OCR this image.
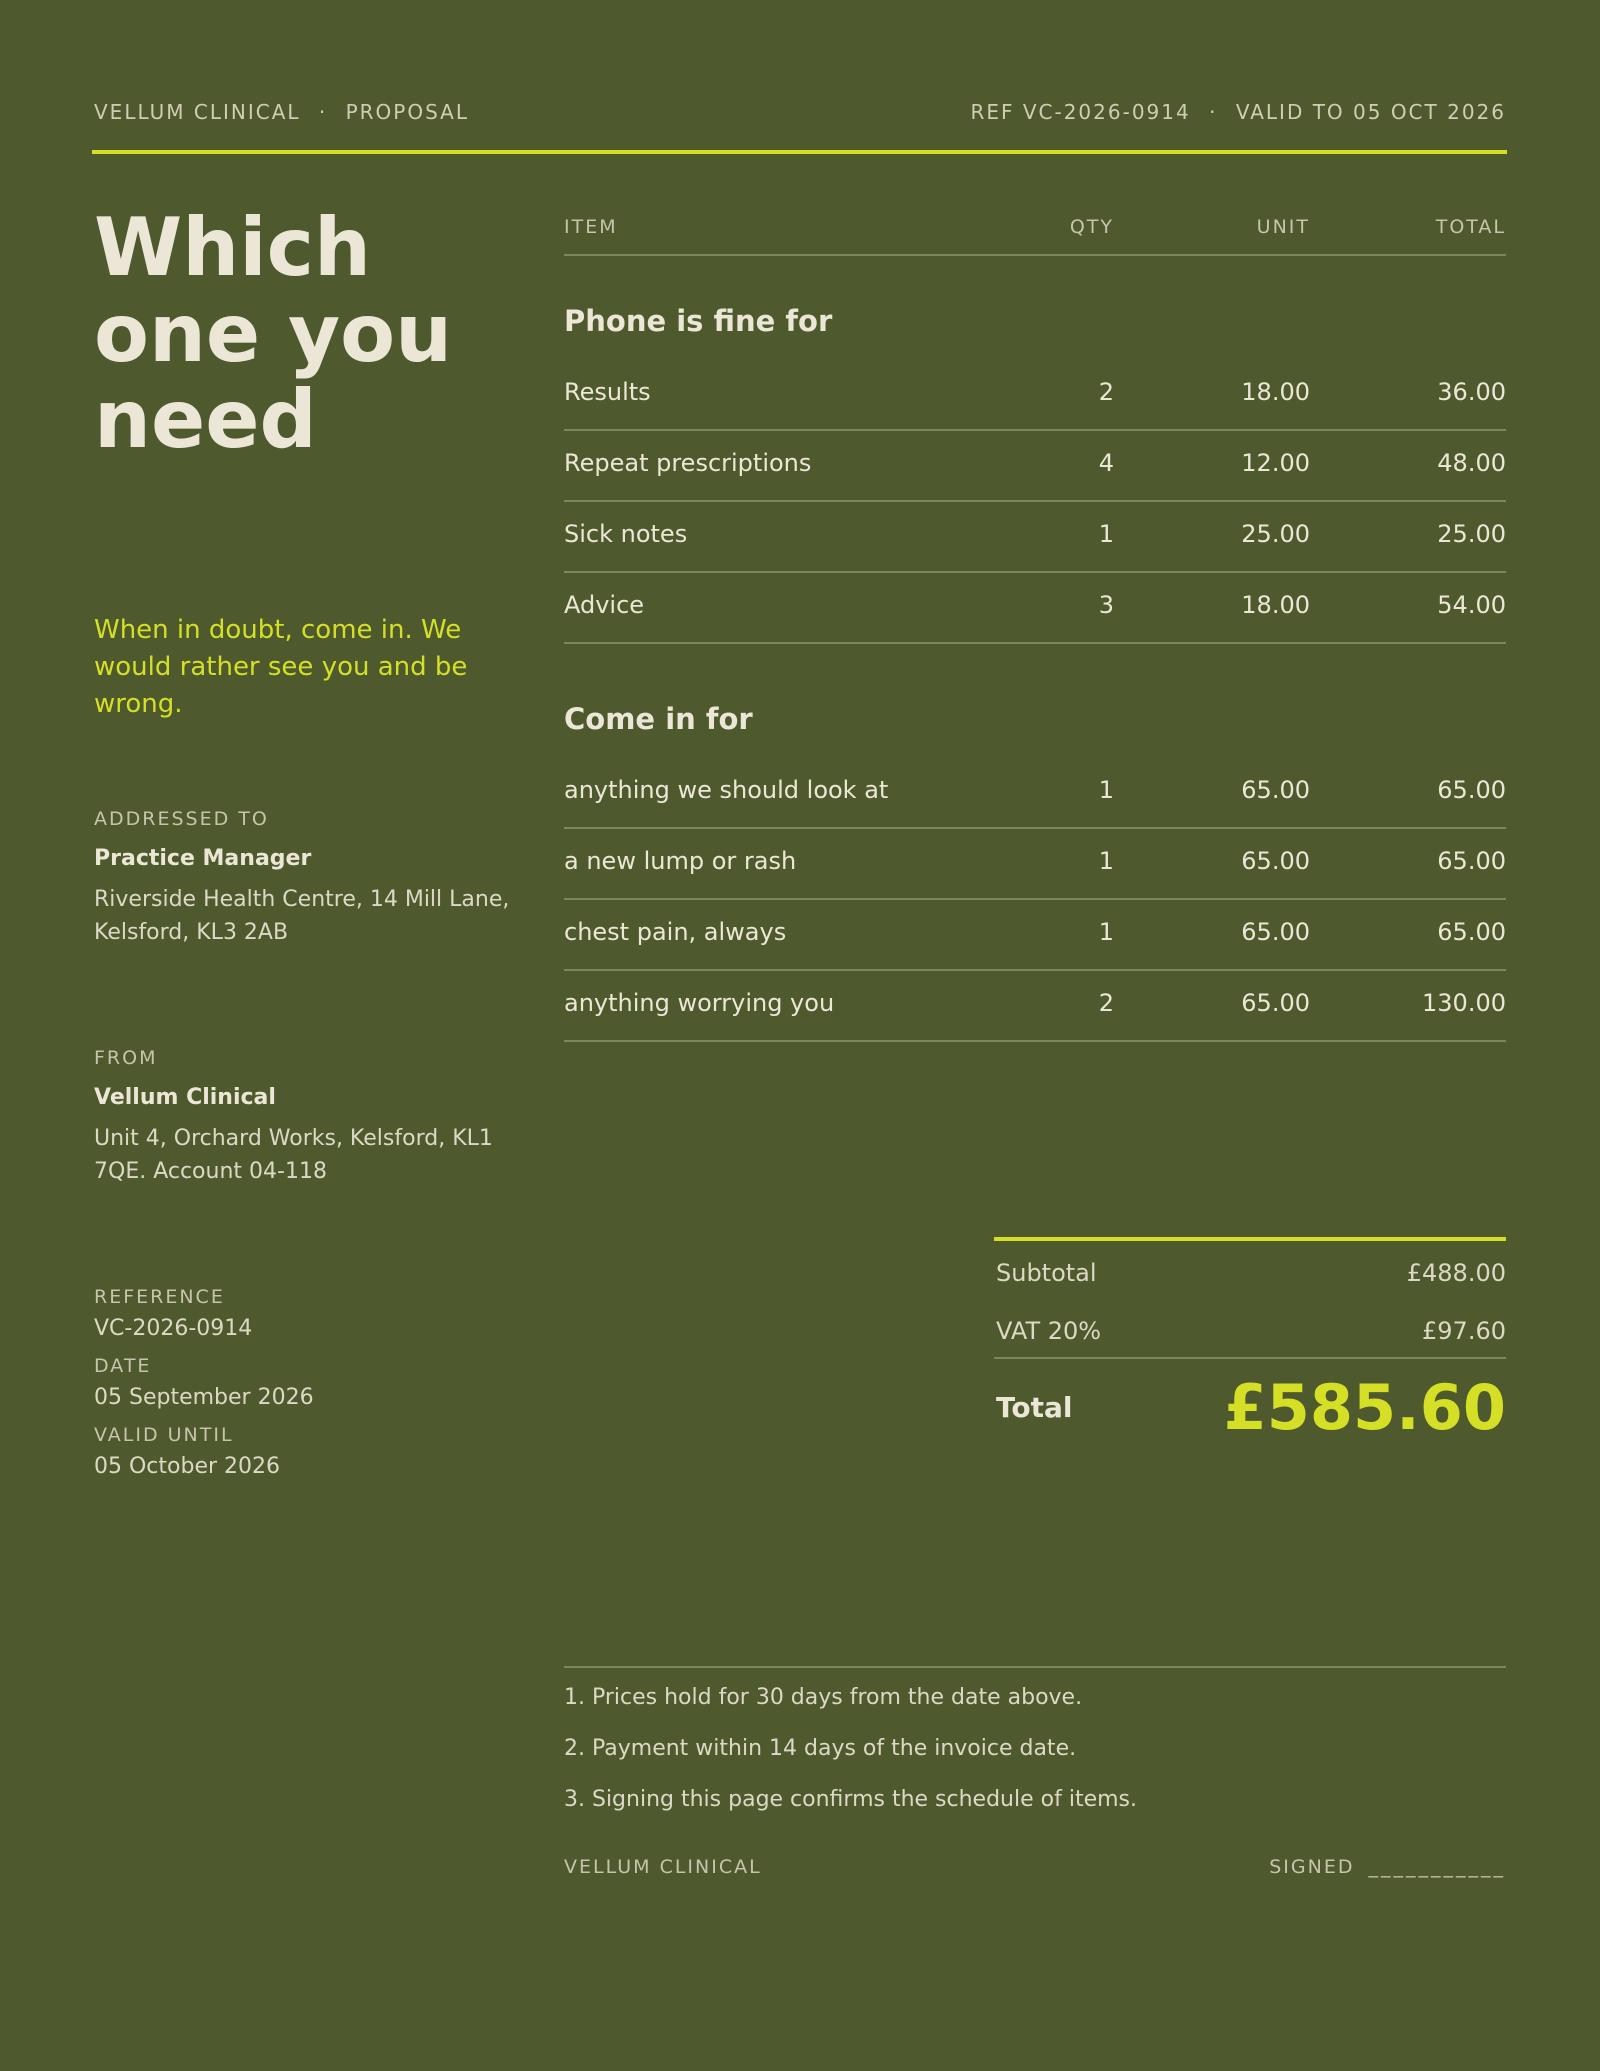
VELLUM CLINICAL · PROPOSAL	REF VC-2026-0914 · VALID TO 05 OCT 2026
Which
one you
need
When in doubt, come in. We would rather see you and be wrong.
ADDRESSED TO
Practice Manager
Riverside Health Centre, 14 Mill Lane, Kelsford, KL3 2AB
FROM
Vellum Clinical
Unit 4, Orchard Works, Kelsford, KL1 7QE. Account 04-118
REFERENCE
VC-2026-0914
DATE
05 September 2026
VALID UNTIL
05 October 2026
ITEM	QTY	UNIT	TOTAL
Phone is fine for
Results	2	18.00	36.00
Repeat prescriptions	4	12.00	48.00
Sick notes	1	25.00	25.00
Advice	3	18.00	54.00
Come in for
anything we should look at	1	65.00	65.00
a new lump or rash	1	65.00	65.00
chest pain, always	1	65.00	65.00
anything worrying you	2	65.00	130.00
Subtotal	£488.00
VAT 20%	£97.60
Total £585.60
1. Prices hold for 30 days from the date above.
2. Payment within 14 days of the invoice date.
3. Signing this page confirms the schedule of items.
VELLUM CLINICAL	SIGNED ___________
